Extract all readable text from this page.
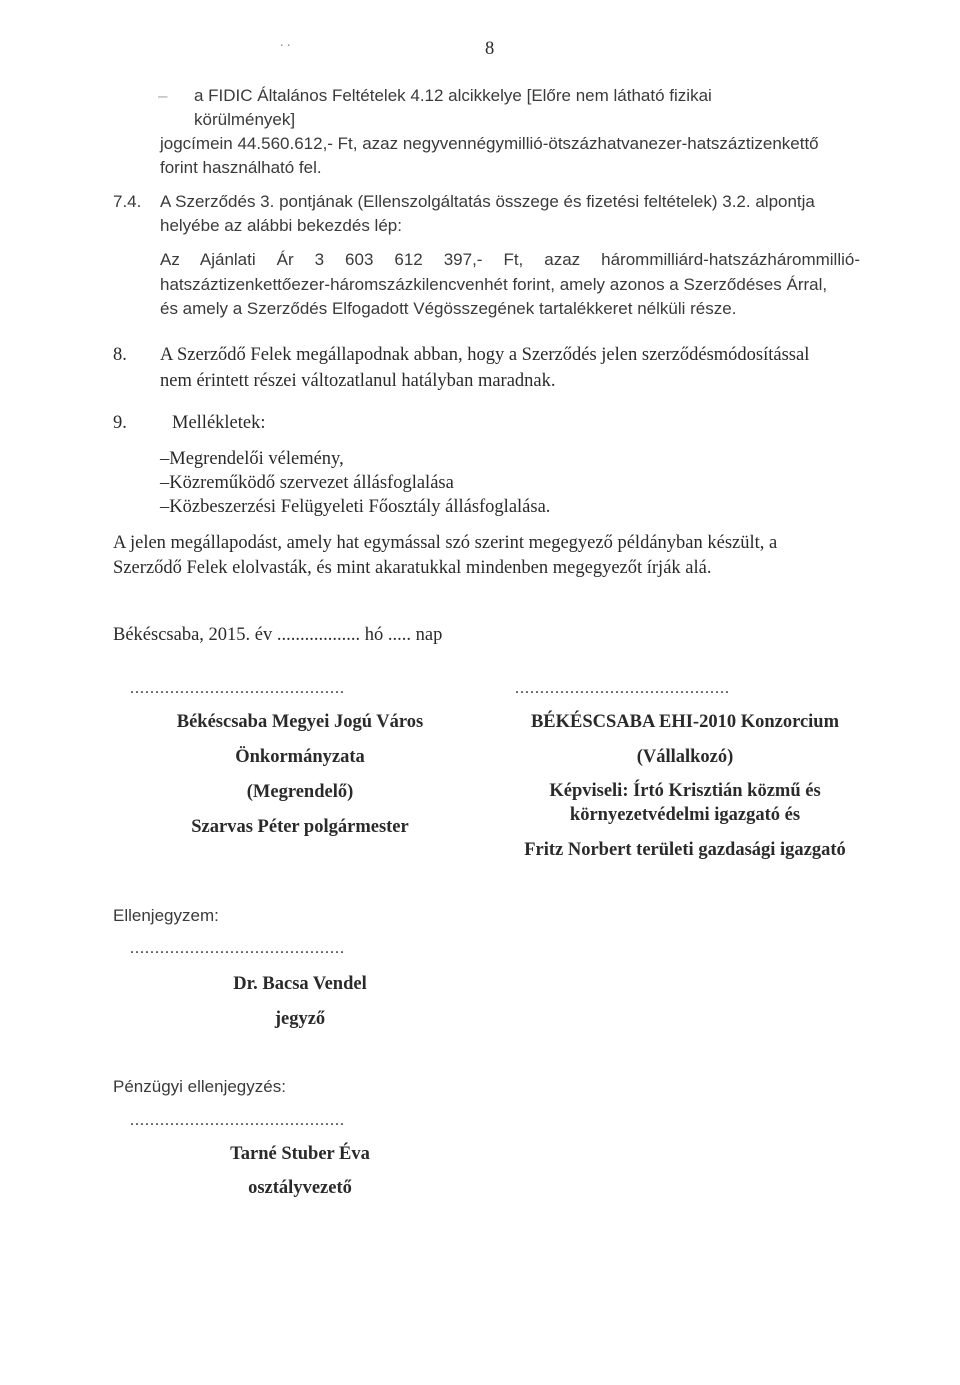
. .	8
– a FIDIC Általános Feltételek 4.12 alcikkelye [Előre nem látható fizikai
körülmények]
jogcímein 44.560.612,- Ft, azaz negyvennégymillió-ötszázhatvanezer-hatszáztizenkettő
forint használható fel.
7.4. A Szerződés 3. pontjának (Ellenszolgáltatás összege és fizetési feltételek) 3.2. alpontja
helyébe az alábbi bekezdés lép:
Az Ajánlati Ár 3 603 612 397,- Ft, azaz hárommilliárd-hatszázhárommillió-
hatszáztizenkettőezer-háromszázkilencvenhét forint, amely azonos a Szerződéses Árral,
és amely a Szerződés Elfogadott Végösszegének tartalékkeret nélküli része.
8. A Szerződő Felek megállapodnak abban, hogy a Szerződés jelen szerződésmódosítással
nem érintett részei változatlanul hatályban maradnak.
9. Mellékletek:
–Megrendelői vélemény,
–Közreműködő szervezet állásfoglalása
–Közbeszerzési Felügyeleti Főosztály állásfoglalása.
A jelen megállapodást, amely hat egymással szó szerint megegyező példányban készült, a
Szerződő Felek elolvasták, és mint akaratukkal mindenben megegyezőt írják alá.
Békéscsaba, 2015. év .................. hó ..... nap
...........................................	...........................................
Békéscsaba Megyei Jogú Város
Önkormányzata
(Megrendelő)
Szarvas Péter polgármester
BÉKÉSCSABA EHI-2010 Konzorcium
(Vállalkozó)
Képviseli: Írtó Krisztián közmű és
környezetvédelmi igazgató és
Fritz Norbert területi gazdasági igazgató
Ellenjegyzem:
...........................................
Dr. Bacsa Vendel
jegyző
Pénzügyi ellenjegyzés:
...........................................
Tarné Stuber Éva
osztályvezető
